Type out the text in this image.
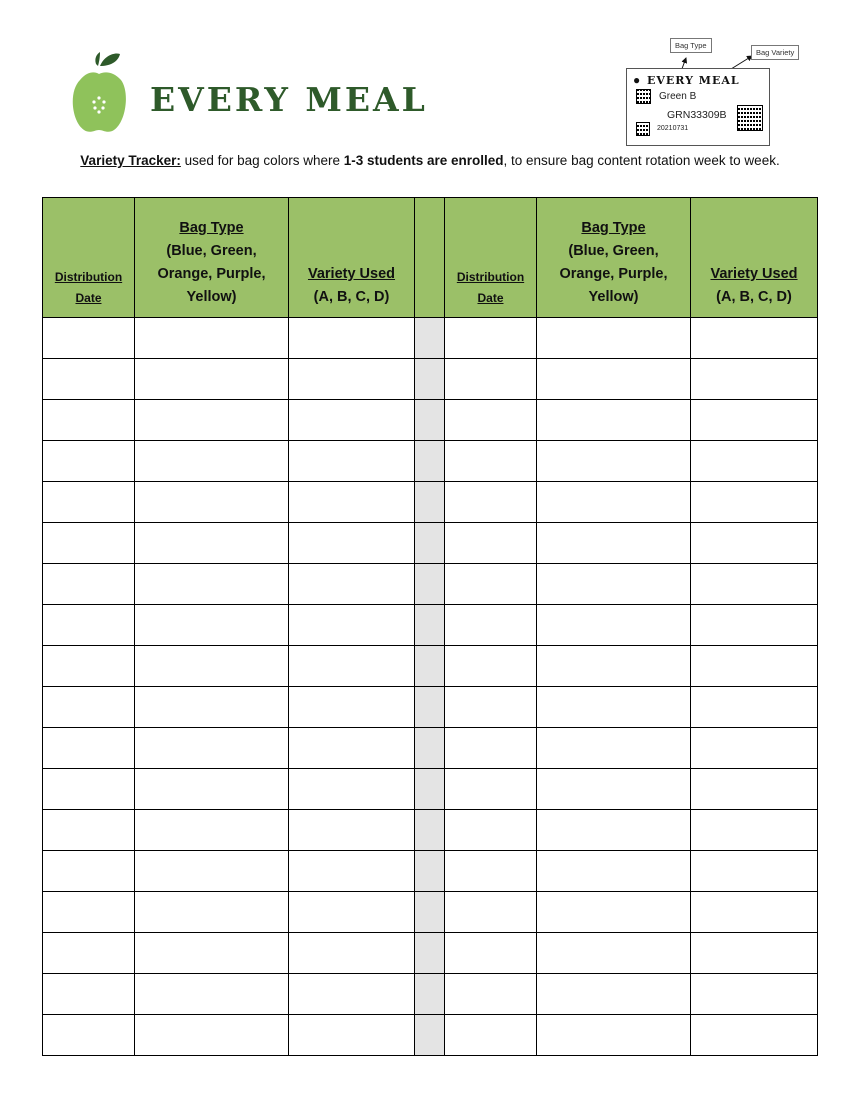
EVERY MEAL
Bag Type
Bag Variety
● EVERY MEAL
Green B
GRN33309B
20210731
Variety Tracker: used for bag colors where 1-3 students are enrolled, to ensure bag content rotation week to week.
Distribution
Date	Bag Type
(Blue, Green,
Orange, Purple,
Yellow)	Variety Used
(A, B, C, D)		Distribution
Date	Bag Type
(Blue, Green,
Orange, Purple,
Yellow)	Variety Used
(A, B, C, D)
